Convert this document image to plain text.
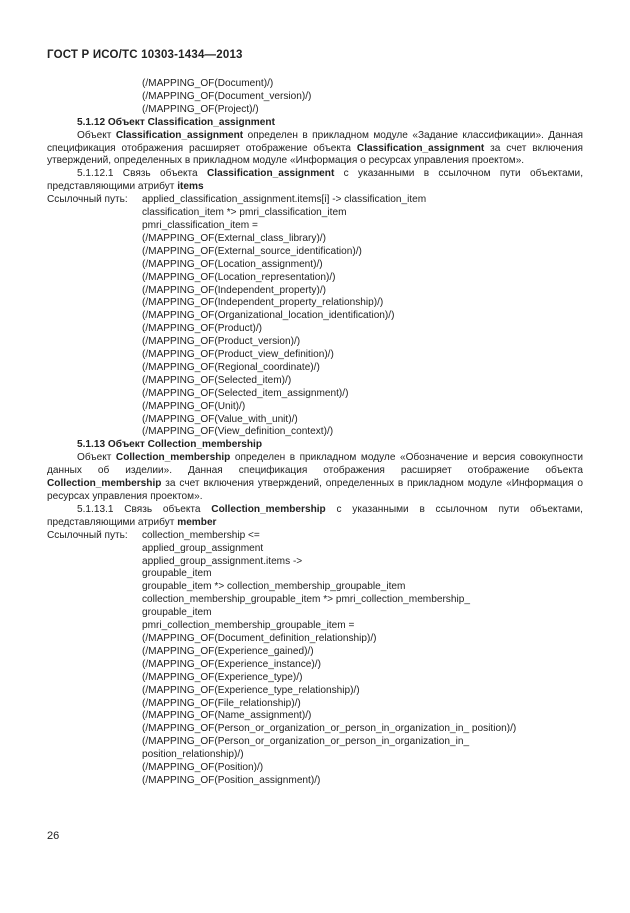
ГОСТ Р ИСО/ТС 10303-1434—2013
(/MAPPING_OF(Document)/)
(/MAPPING_OF(Document_version)/)
(/MAPPING_OF(Project)/)
5.1.12 Объект Classification_assignment

Объект Classification_assignment определен в прикладном модуле «Задание классификации». Данная спецификация отображения расширяет отображение объекта Classification_assignment за счет включения утверждений, определенных в прикладном модуле «Информация о ресурсах управления проектом».

5.1.12.1 Связь объекта Classification_assignment с указанными в ссылочном пути объектами, представляющими атрибут items

Ссылочный путь:	applied_classification_assignment.items[i] -> classification_item
classification_item *> pmri_classification_item
pmri_classification_item =
(/MAPPING_OF(External_class_library)/)
(/MAPPING_OF(External_source_identification)/)
(/MAPPING_OF(Location_assignment)/)
(/MAPPING_OF(Location_representation)/)
(/MAPPING_OF(Independent_property)/)
(/MAPPING_OF(Independent_property_relationship)/)
(/MAPPING_OF(Organizational_location_identification)/)
(/MAPPING_OF(Product)/)
(/MAPPING_OF(Product_version)/)
(/MAPPING_OF(Product_view_definition)/)
(/MAPPING_OF(Regional_coordinate)/)
(/MAPPING_OF(Selected_item)/)
(/MAPPING_OF(Selected_item_assignment)/)
(/MAPPING_OF(Unit)/)
(/MAPPING_OF(Value_with_unit)/)
(/MAPPING_OF(View_definition_context)/)
5.1.13 Объект Collection_membership

Объект Collection_membership определен в прикладном модуле «Обозначение и версия совокупности данных об изделии». Данная спецификация отображения расширяет отображение объекта Collection_membership за счет включения утверждений, определенных в прикладном модуле «Информация о ресурсах управления проектом».

5.1.13.1 Связь объекта Collection_membership с указанными в ссылочном пути объектами, представляющими атрибут member

Ссылочный путь:	collection_membership <=
applied_group_assignment
applied_group_assignment.items ->
groupable_item
groupable_item *> collection_membership_groupable_item
collection_membership_groupable_item *> pmri_collection_membership_
groupable_item
pmri_collection_membership_groupable_item =
(/MAPPING_OF(Document_definition_relationship)/)
(/MAPPING_OF(Experience_gained)/)
(/MAPPING_OF(Experience_instance)/)
(/MAPPING_OF(Experience_type)/)
(/MAPPING_OF(Experience_type_relationship)/)
(/MAPPING_OF(File_relationship)/)
(/MAPPING_OF(Name_assignment)/)
(/MAPPING_OF(Person_or_organization_or_person_in_organization_in_ position)/)
(/MAPPING_OF(Person_or_organization_or_person_in_organization_in_
position_relationship)/)
(/MAPPING_OF(Position)/)
(/MAPPING_OF(Position_assignment)/)
26
